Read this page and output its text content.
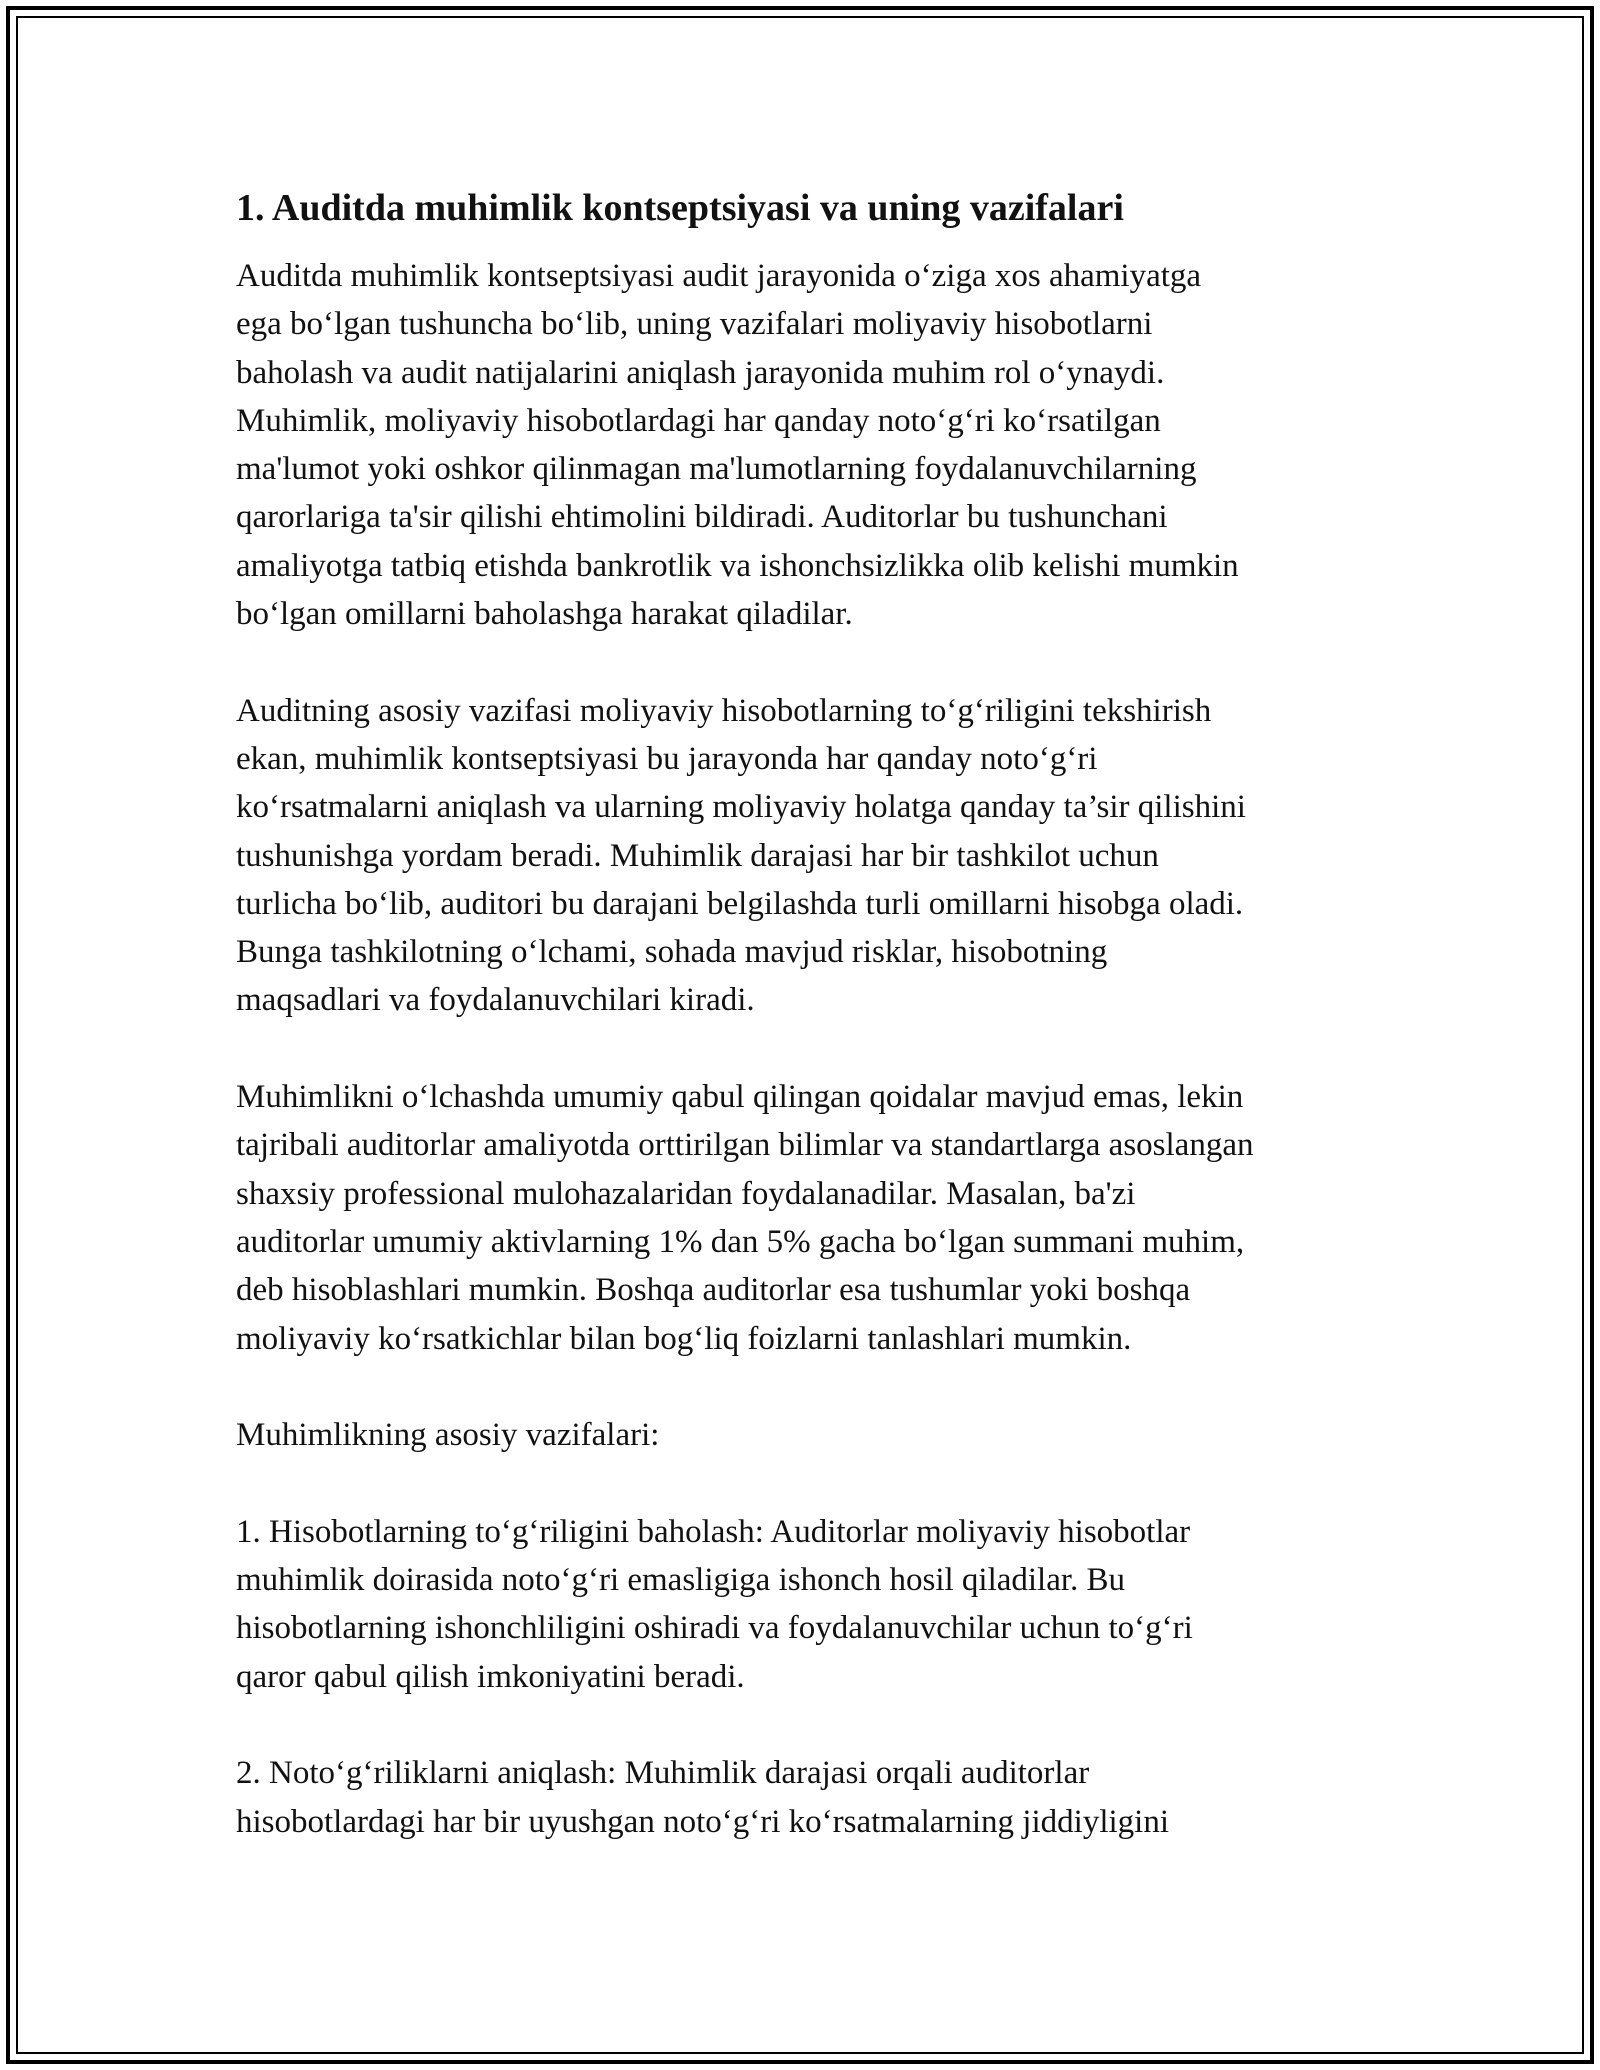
1. Auditda muhimlik kontseptsiyasi va uning vazifalari

Auditda muhimlik kontseptsiyasi audit jarayonida o‘ziga xos ahamiyatga
ega bo‘lgan tushuncha bo‘lib, uning vazifalari moliyaviy hisobotlarni
baholash va audit natijalarini aniqlash jarayonida muhim rol o‘ynaydi.
Muhimlik, moliyaviy hisobotlardagi har qanday noto‘g‘ri ko‘rsatilgan
ma'lumot yoki oshkor qilinmagan ma'lumotlarning foydalanuvchilarning
qarorlariga ta'sir qilishi ehtimolini bildiradi. Auditorlar bu tushunchani
amaliyotga tatbiq etishda bankrotlik va ishonchsizlikka olib kelishi mumkin
bo‘lgan omillarni baholashga harakat qiladilar.

Auditning asosiy vazifasi moliyaviy hisobotlarning to‘g‘riligini tekshirish
ekan, muhimlik kontseptsiyasi bu jarayonda har qanday noto‘g‘ri
ko‘rsatmalarni aniqlash va ularning moliyaviy holatga qanday ta’sir qilishini
tushunishga yordam beradi. Muhimlik darajasi har bir tashkilot uchun
turlicha bo‘lib, auditori bu darajani belgilashda turli omillarni hisobga oladi.
Bunga tashkilotning o‘lchami, sohada mavjud risklar, hisobotning
maqsadlari va foydalanuvchilari kiradi.

Muhimlikni o‘lchashda umumiy qabul qilingan qoidalar mavjud emas, lekin
tajribali auditorlar amaliyotda orttirilgan bilimlar va standartlarga asoslangan
shaxsiy professional mulohazalaridan foydalanadilar. Masalan, ba'zi
auditorlar umumiy aktivlarning 1% dan 5% gacha bo‘lgan summani muhim,
deb hisoblashlari mumkin. Boshqa auditorlar esa tushumlar yoki boshqa
moliyaviy ko‘rsatkichlar bilan bog‘liq foizlarni tanlashlari mumkin.

Muhimlikning asosiy vazifalari:

1. Hisobotlarning to‘g‘riligini baholash: Auditorlar moliyaviy hisobotlar
muhimlik doirasida noto‘g‘ri emasligiga ishonch hosil qiladilar. Bu
hisobotlarning ishonchliligini oshiradi va foydalanuvchilar uchun to‘g‘ri
qaror qabul qilish imkoniyatini beradi.

2. Noto‘g‘riliklarni aniqlash: Muhimlik darajasi orqali auditorlar
hisobotlardagi har bir uyushgan noto‘g‘ri ko‘rsatmalarning jiddiyligini
